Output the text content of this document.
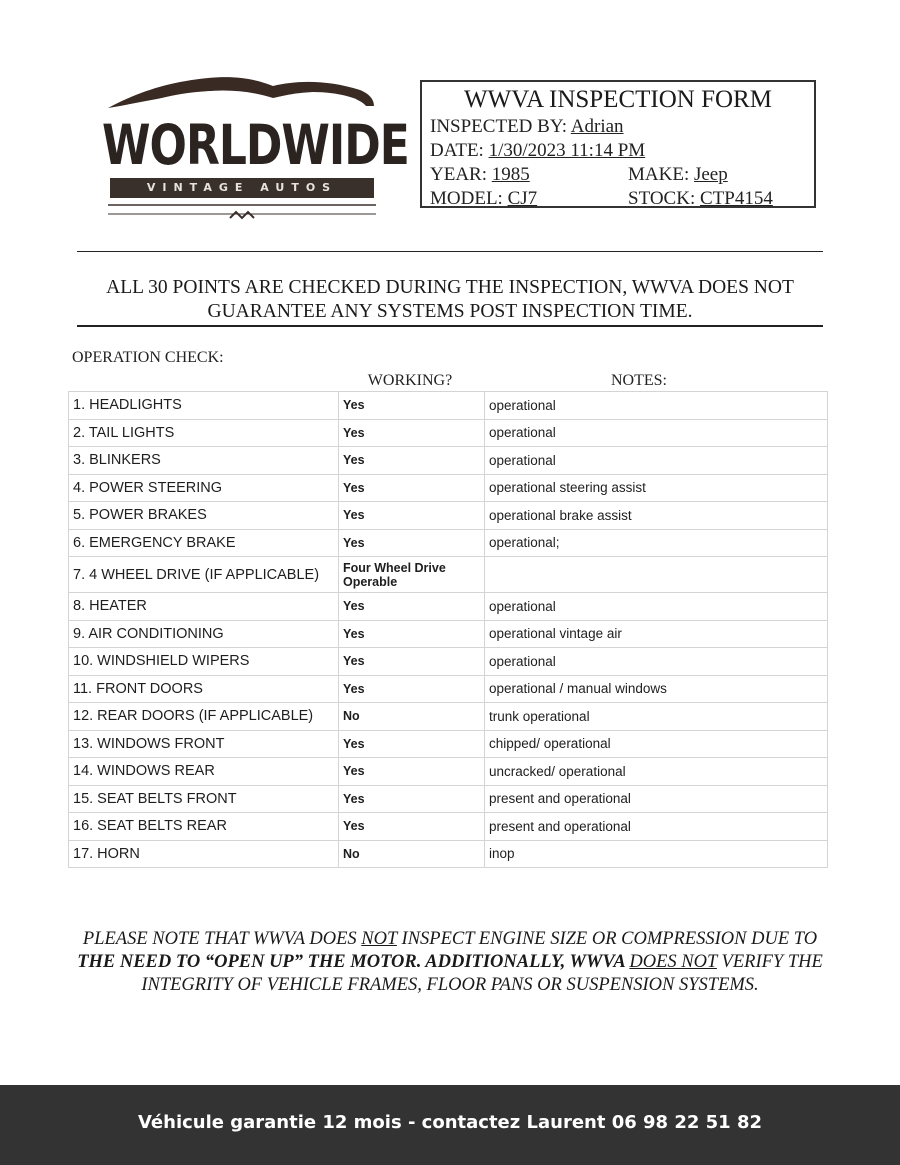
WORLDWIDE
VINTAGE AUTOS
WWVA INSPECTION FORM
INSPECTED BY: Adrian
DATE: 1/30/2023 11:14 PM
YEAR: 1985	MAKE: Jeep
MODEL: CJ7	STOCK: CTP4154
ALL 30 POINTS ARE CHECKED DURING THE INSPECTION, WWVA DOES NOT
GUARANTEE ANY SYSTEMS POST INSPECTION TIME.
OPERATION CHECK:
WORKING?	NOTES:
1. HEADLIGHTS	Yes	operational
2. TAIL LIGHTS	Yes	operational
3. BLINKERS	Yes	operational
4. POWER STEERING	Yes	operational steering assist
5. POWER BRAKES	Yes	operational brake assist
6. EMERGENCY BRAKE	Yes	operational;
7. 4 WHEEL DRIVE (IF APPLICABLE)	Four Wheel Drive Operable	
8. HEATER	Yes	operational
9. AIR CONDITIONING	Yes	operational vintage air
10. WINDSHIELD WIPERS	Yes	operational
11. FRONT DOORS	Yes	operational / manual windows
12. REAR DOORS (IF APPLICABLE)	No	trunk operational
13. WINDOWS FRONT	Yes	chipped/ operational
14. WINDOWS REAR	Yes	uncracked/ operational
15. SEAT BELTS FRONT	Yes	present and operational
16. SEAT BELTS REAR	Yes	present and operational
17. HORN	No	inop
PLEASE NOTE THAT WWVA DOES NOT INSPECT ENGINE SIZE OR COMPRESSION DUE TO
THE NEED TO “OPEN UP” THE MOTOR. ADDITIONALLY, WWVA DOES NOT VERIFY THE
INTEGRITY OF VEHICLE FRAMES, FLOOR PANS OR SUSPENSION SYSTEMS.
Véhicule garantie 12 mois - contactez Laurent 06 98 22 51 82
